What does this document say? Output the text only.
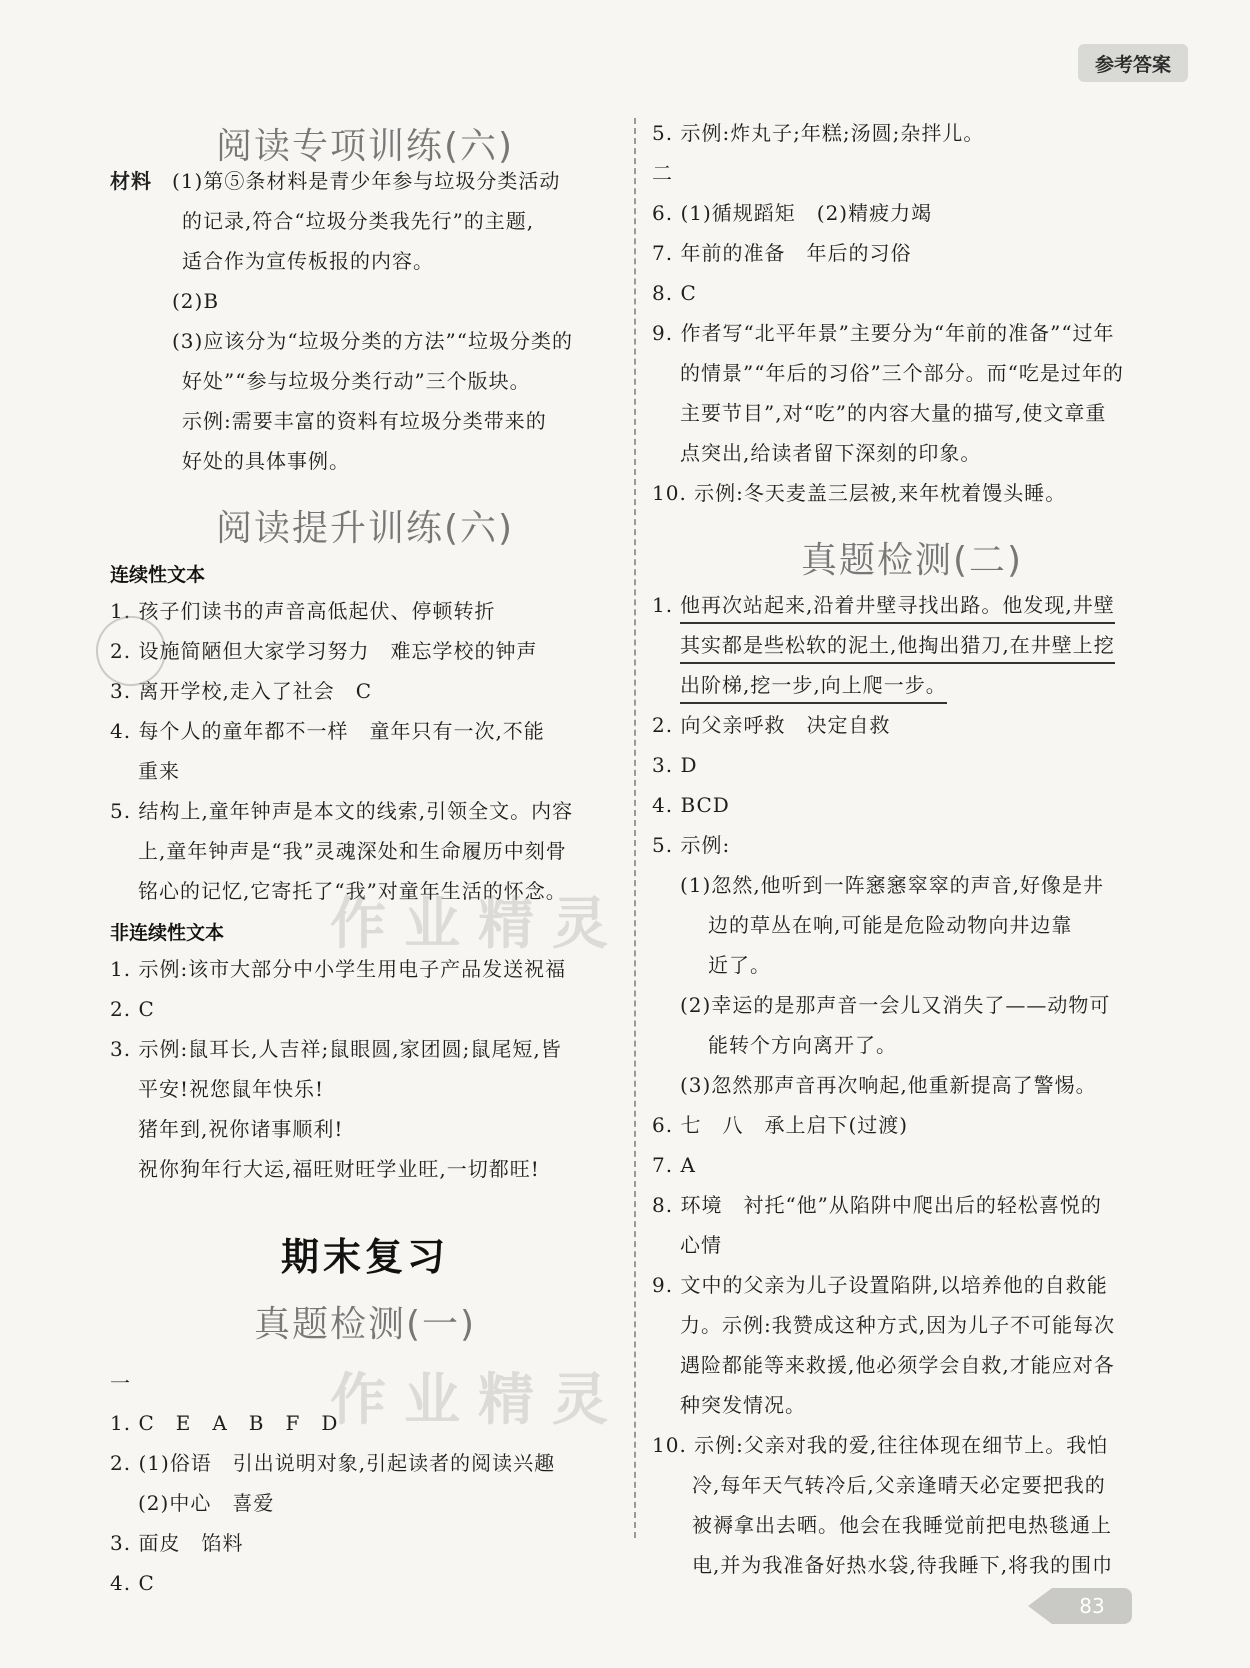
参考答案
阅读专项训练(六)
材料 (1)第⑤条材料是青少年参与垃圾分类活动
的记录,符合“垃圾分类我先行”的主题,
适合作为宣传板报的内容。
(2)B
(3)应该分为“垃圾分类的方法”“垃圾分类的
好处”“参与垃圾分类行动”三个版块。
示例:需要丰富的资料有垃圾分类带来的
好处的具体事例。
阅读提升训练(六)
连续性文本
1. 孩子们读书的声音高低起伏、停顿转折
2. 设施简陋但大家学习努力　难忘学校的钟声
3. 离开学校,走入了社会　C
4. 每个人的童年都不一样　童年只有一次,不能
重来
5. 结构上,童年钟声是本文的线索,引领全文。内容
上,童年钟声是“我”灵魂深处和生命履历中刻骨
铭心的记忆,它寄托了“我”对童年生活的怀念。
非连续性文本
1. 示例:该市大部分中小学生用电子产品发送祝福
2. C
3. 示例:鼠耳长,人吉祥;鼠眼圆,家团圆;鼠尾短,皆
平安!祝您鼠年快乐!
猪年到,祝你诸事顺利!
祝你狗年行大运,福旺财旺学业旺,一切都旺!
期末复习
真题检测(一)
一
1. C　E　A　B　F　D
2. (1)俗语　引出说明对象,引起读者的阅读兴趣
(2)中心　喜爱
3. 面皮　馅料
4. C
5. 示例:炸丸子;年糕;汤圆;杂拌儿。
二
6. (1)循规蹈矩　(2)精疲力竭
7. 年前的准备　年后的习俗
8. C
9. 作者写“北平年景”主要分为“年前的准备”“过年
的情景”“年后的习俗”三个部分。而“吃是过年的
主要节目”,对“吃”的内容大量的描写,使文章重
点突出,给读者留下深刻的印象。
10. 示例:冬天麦盖三层被,来年枕着馒头睡。
真题检测(二)
1. 他再次站起来,沿着井壁寻找出路。他发现,井壁
其实都是些松软的泥土,他掏出猎刀,在井壁上挖
出阶梯,挖一步,向上爬一步。
2. 向父亲呼救　决定自救
3. D
4. BCD
5. 示例:
(1)忽然,他听到一阵窸窸窣窣的声音,好像是井
边的草丛在响,可能是危险动物向井边靠
近了。
(2)幸运的是那声音一会儿又消失了——动物可
能转个方向离开了。
(3)忽然那声音再次响起,他重新提高了警惕。
6. 七　八　承上启下(过渡)
7. A
8. 环境　衬托“他”从陷阱中爬出后的轻松喜悦的
心情
9. 文中的父亲为儿子设置陷阱,以培养他的自救能
力。示例:我赞成这种方式,因为儿子不可能每次
遇险都能等来救援,他必须学会自救,才能应对各
种突发情况。
10. 示例:父亲对我的爱,往往体现在细节上。我怕
冷,每年天气转冷后,父亲逢晴天必定要把我的
被褥拿出去晒。他会在我睡觉前把电热毯通上
电,并为我准备好热水袋,待我睡下,将我的围巾
作业精灵
作业精灵
83
